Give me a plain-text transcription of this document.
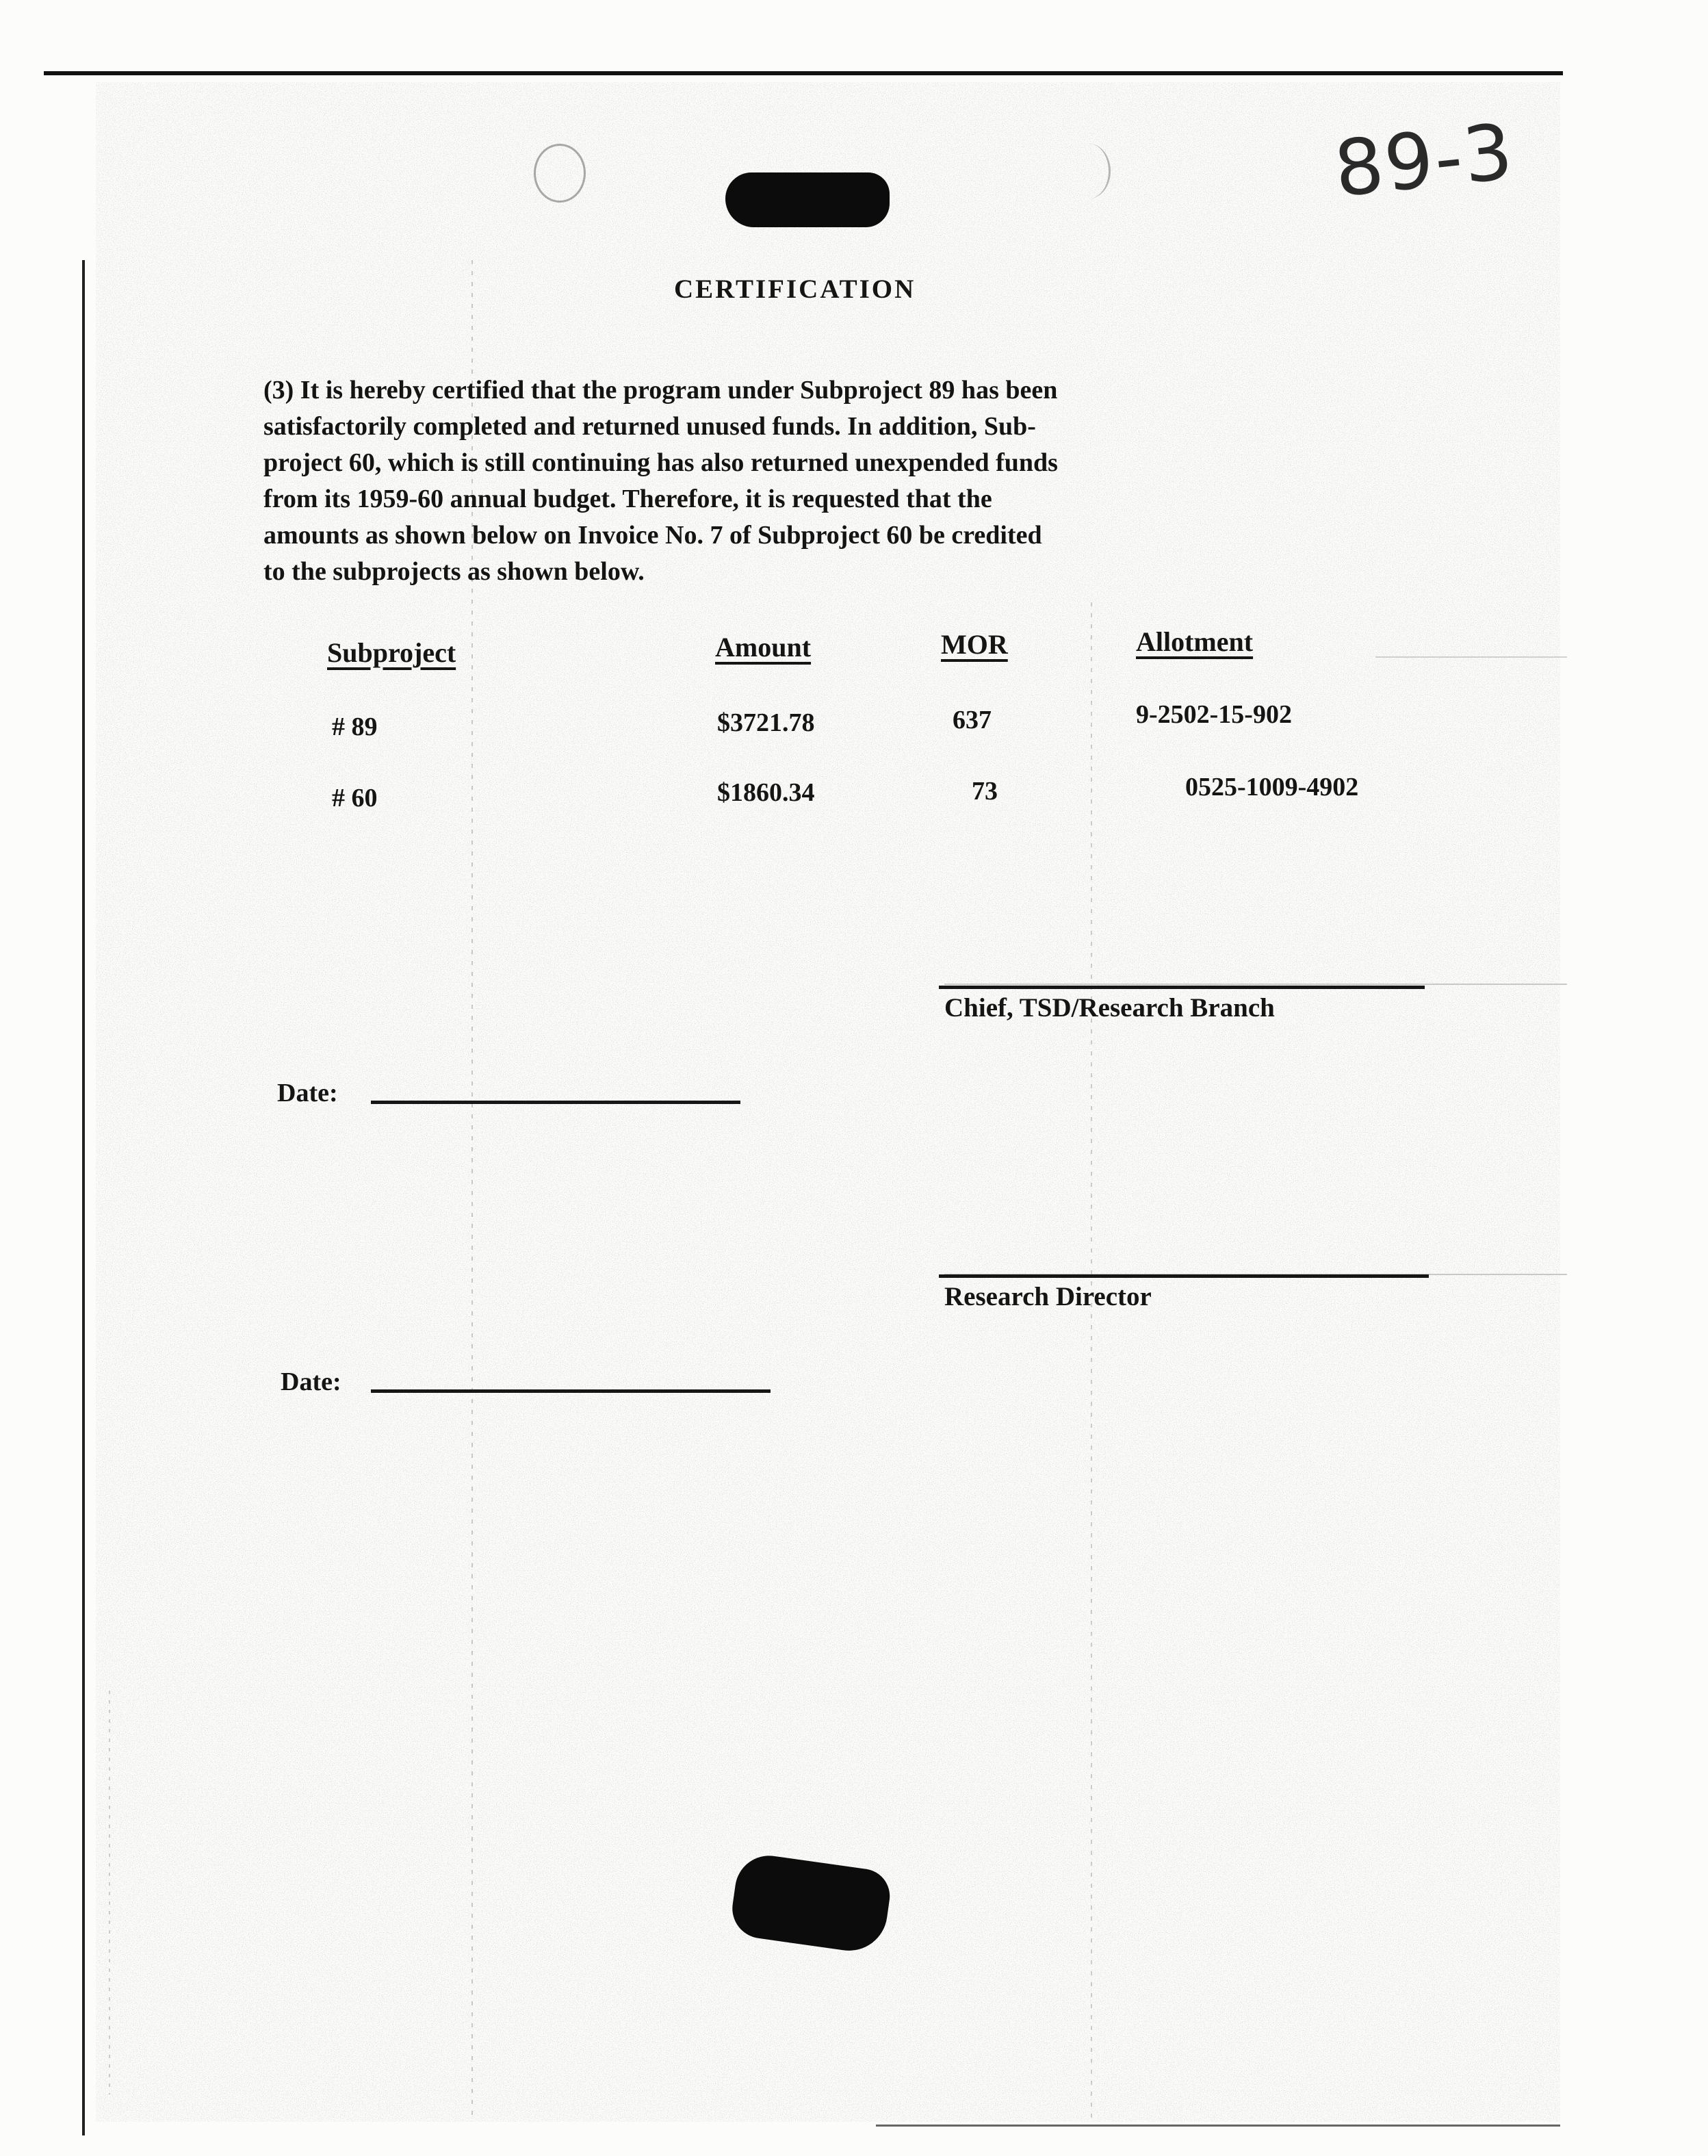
89-3
CERTIFICATION
(3) It is hereby certified that the program under Subproject 89 has been
satisfactorily completed and returned unused funds. In addition, Sub-
project 60, which is still continuing has also returned unexpended funds
from its 1959-60 annual budget. Therefore, it is requested that the
amounts as shown below on Invoice No. 7 of Subproject 60 be credited
to the subprojects as shown below.
Subproject	Amount	MOR	Allotment
# 89	$3721.78	637	9-2502-15-902
# 60	$1860.34	73	0525-1009-4902
Chief, TSD/Research Branch
Date:
Research Director
Date:
